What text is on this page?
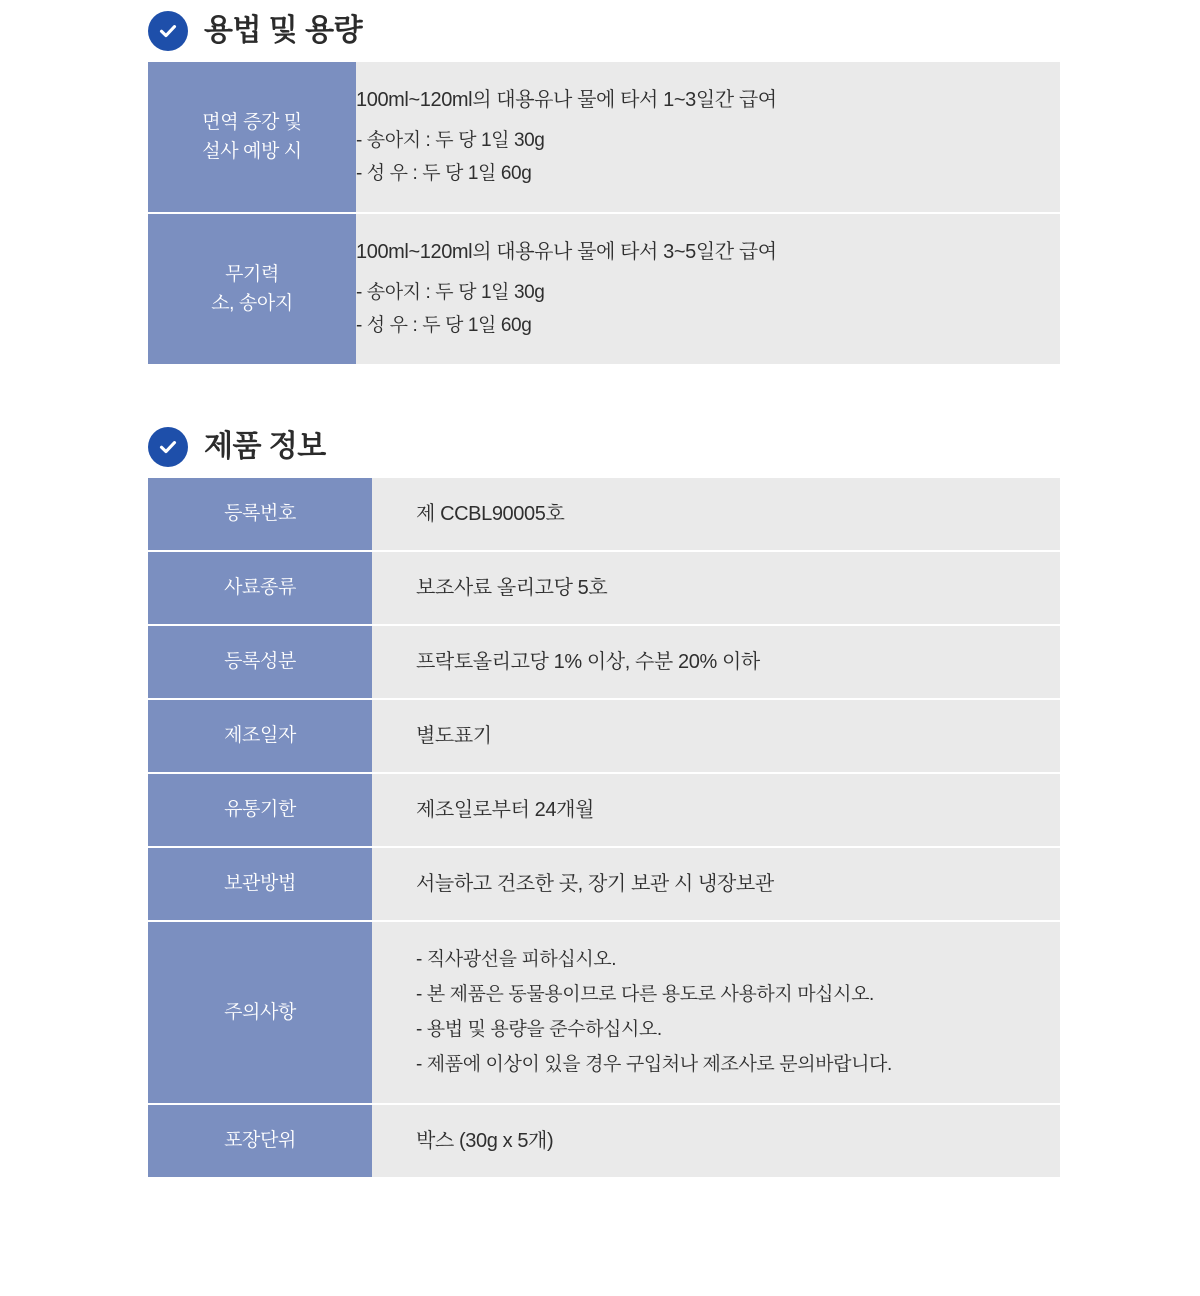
용법 및 용량
면역 증강 및
설사 예방 시	100ml~120ml의 대용유나 물에 타서 1~3일간 급여
- 송아지 : 두 당 1일 30g
- 성 우 : 두 당 1일 60g

무기력
소, 송아지	100ml~120ml의 대용유나 물에 타서 3~5일간 급여
- 송아지 : 두 당 1일 30g
- 성 우 : 두 당 1일 60g
제품 정보
등록번호	제 CCBL90005호
사료종류	보조사료 올리고당 5호
등록성분	프락토올리고당 1% 이상, 수분 20% 이하
제조일자	별도표기
유통기한	제조일로부터 24개월
보관방법	서늘하고 건조한 곳, 장기 보관 시 냉장보관
주의사항	- 직사광선을 피하십시오.
- 본 제품은 동물용이므로 다른 용도로 사용하지 마십시오.
- 용법 및 용량을 준수하십시오.
- 제품에 이상이 있을 경우 구입처나 제조사로 문의바랍니다.

포장단위	박스 (30g x 5개)
